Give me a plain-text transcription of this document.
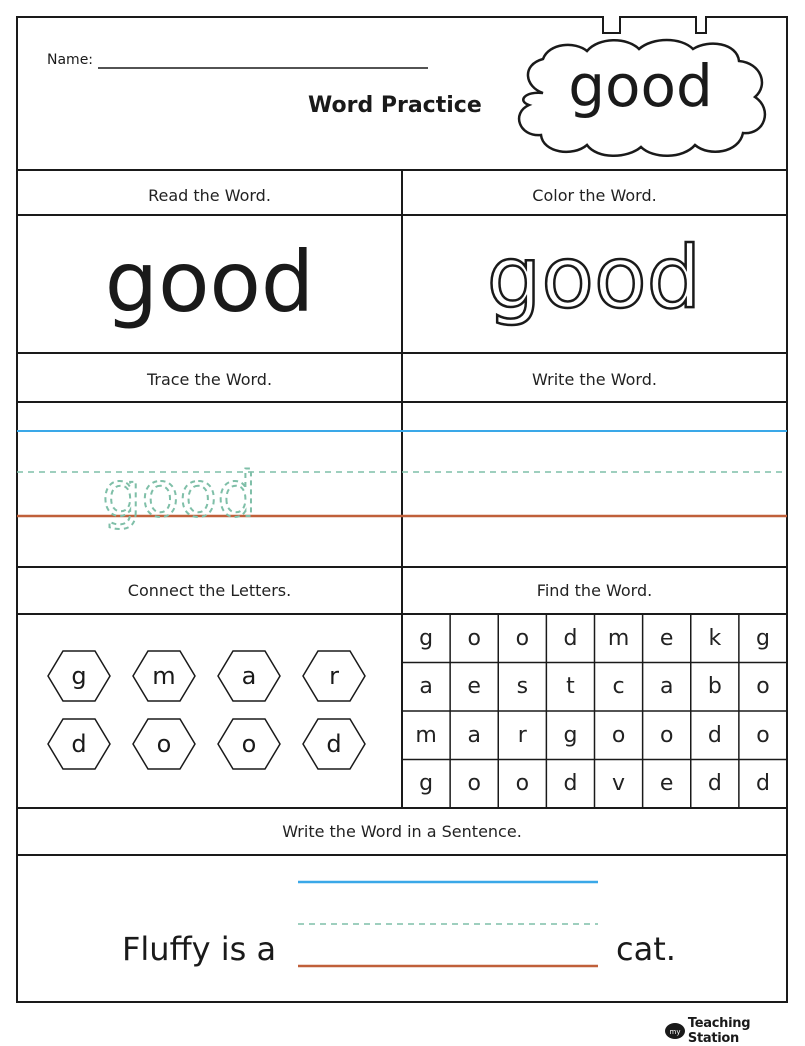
Name:
Word Practice	good
Read the Word.	Color the Word.
Trace the Word.	Write the Word.
Connect the Letters.	Find the Word.
Write the Word in a Sentence.
good	good
good
g	m	a	r
d	o	o	d
g	o	o	d	m	e	k	g
a	e	s	t	c	a	b	o
m	a	r	g	o	o	d	o
g	o	o	d	v	e	d	d
Fluffy is a	cat.
my
Teaching Station
